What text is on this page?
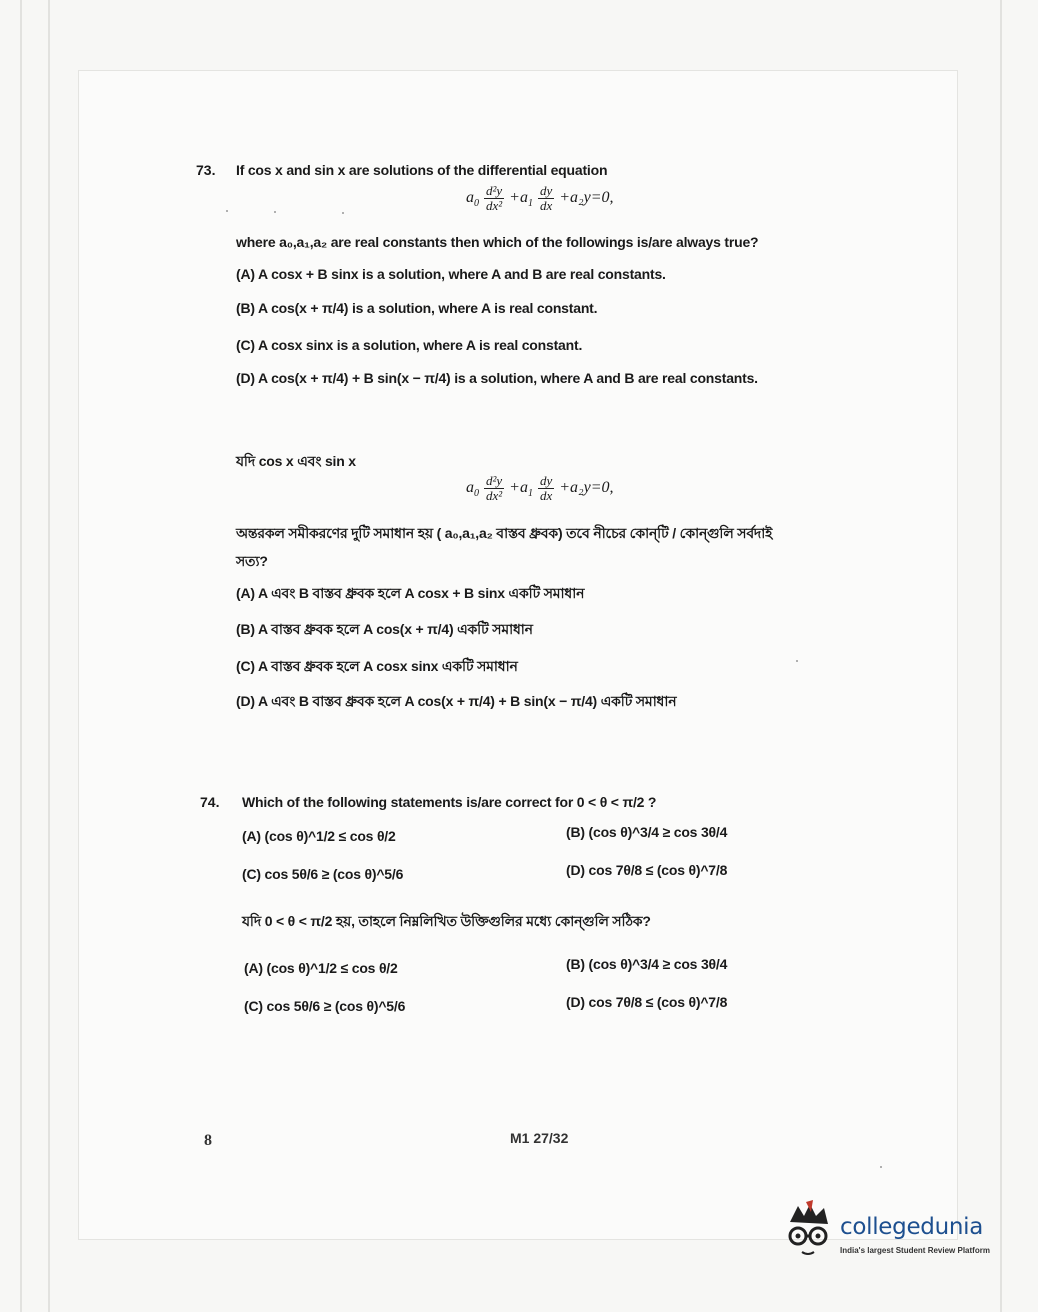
73. If cos x and sin x are solutions of the differential equation
$a_0 \frac{\text{d²y}}{\text{dx²}} +a_1 \frac{dy}{dx} +a_2y=0$,
where a₀,a₁,a₂ are real constants then which of the followings is/are always true?
(A) A cosx + B sinx is a solution, where A and B are real constants.
(B) A cos(x + π/4) is a solution, where A is real constant.
(C) A cosx sinx is a solution, where A is real constant.
(D) A cos(x + π/4) + B sin(x − π/4) is a solution, where A and B are real constants.
যদি cos x এবং sin x
$a_0 \frac{\text{d²y}}{\text{dx²}} +a_1 \frac{dy}{dx} +a_2y=0$,
অন্তরকল সমীকরণের দুটি সমাধান হয় ( a₀,a₁,a₂ বাস্তব ধ্রুবক) তবে নীচের কোন্‌টি / কোন্‌গুলি সর্বদাই
সত্য?
(A) A এবং B বাস্তব ধ্রুবক হলে A cosx + B sinx একটি সমাধান
(B) A বাস্তব ধ্রুবক হলে A cos(x + π/4) একটি সমাধান
(C) A বাস্তব ধ্রুবক হলে A cosx sinx একটি সমাধান
(D) A এবং B বাস্তব ধ্রুবক হলে A cos(x + π/4) + B sin(x − π/4) একটি সমাধান
74. Which of the following statements is/are correct for 0 < θ < π/2 ?
(A) (cos θ)^1/2 ≤ cos θ/2	(B) (cos θ)^3/4 ≥ cos 3θ/4
(C) cos 5θ/6 ≥ (cos θ)^5/6	(D) cos 7θ/8 ≤ (cos θ)^7/8
যদি 0 < θ < π/2 হয়, তাহলে নিম্নলিখিত উক্তিগুলির মধ্যে কোন্‌গুলি সঠিক?
(A) (cos θ)^1/2 ≤ cos θ/2	(B) (cos θ)^3/4 ≥ cos 3θ/4
(C) cos 5θ/6 ≥ (cos θ)^5/6	(D) cos 7θ/8 ≤ (cos θ)^7/8
8	M1 27/32
collegedunia
India's largest Student Review Platform
